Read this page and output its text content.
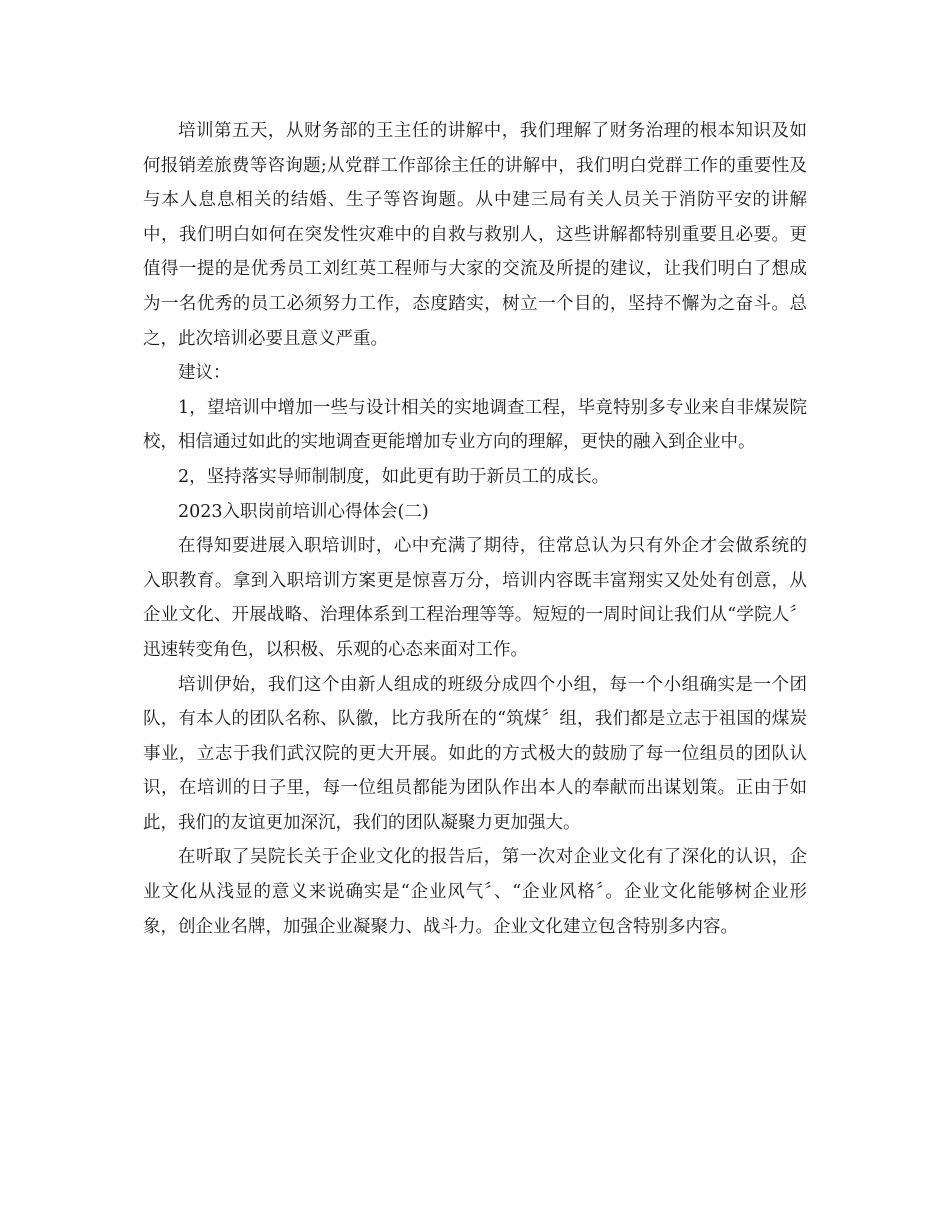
培训第五天，从财务部的王主任的讲解中，我们理解了财务治理的根本知识及如何报销差旅费等咨询题;从党群工作部徐主任的讲解中，我们明白党群工作的重要性及与本人息息相关的结婚、生子等咨询题。从中建三局有关人员关于消防平安的讲解中，我们明白如何在突发性灾难中的自救与救别人，这些讲解都特别重要且必要。更值得一提的是优秀员工刘红英工程师与大家的交流及所提的建议，让我们明白了想成为一名优秀的员工必须努力工作，态度踏实，树立一个目的，坚持不懈为之奋斗。总之，此次培训必要且意义严重。

建议：

1，望培训中增加一些与设计相关的实地调查工程，毕竟特别多专业来自非煤炭院校，相信通过如此的实地调查更能增加专业方向的理解，更快的融入到企业中。

2，坚持落实导师制制度，如此更有助于新员工的成长。

2023入职岗前培训心得体会(二)

在得知要进展入职培训时，心中充满了期待，往常总认为只有外企才会做系统的入职教育。拿到入职培训方案更是惊喜万分，培训内容既丰富翔实又处处有创意，从企业文化、开展战略、治理体系到工程治理等等。短短的一周时间让我们从“学院人〞迅速转变角色，以积极、乐观的心态来面对工作。

培训伊始，我们这个由新人组成的班级分成四个小组，每一个小组确实是一个团队，有本人的团队名称、队徽，比方我所在的“筑煤〞组，我们都是立志于祖国的煤炭事业，立志于我们武汉院的更大开展。如此的方式极大的鼓励了每一位组员的团队认识，在培训的日子里，每一位组员都能为团队作出本人的奉献而出谋划策。正由于如此，我们的友谊更加深沉，我们的团队凝聚力更加强大。

在听取了吴院长关于企业文化的报告后，第一次对企业文化有了深化的认识，企业文化从浅显的意义来说确实是“企业风气〞、“企业风格〞。企业文化能够树企业形象，创企业名牌，加强企业凝聚力、战斗力。企业文化建立包含特别多内容。
